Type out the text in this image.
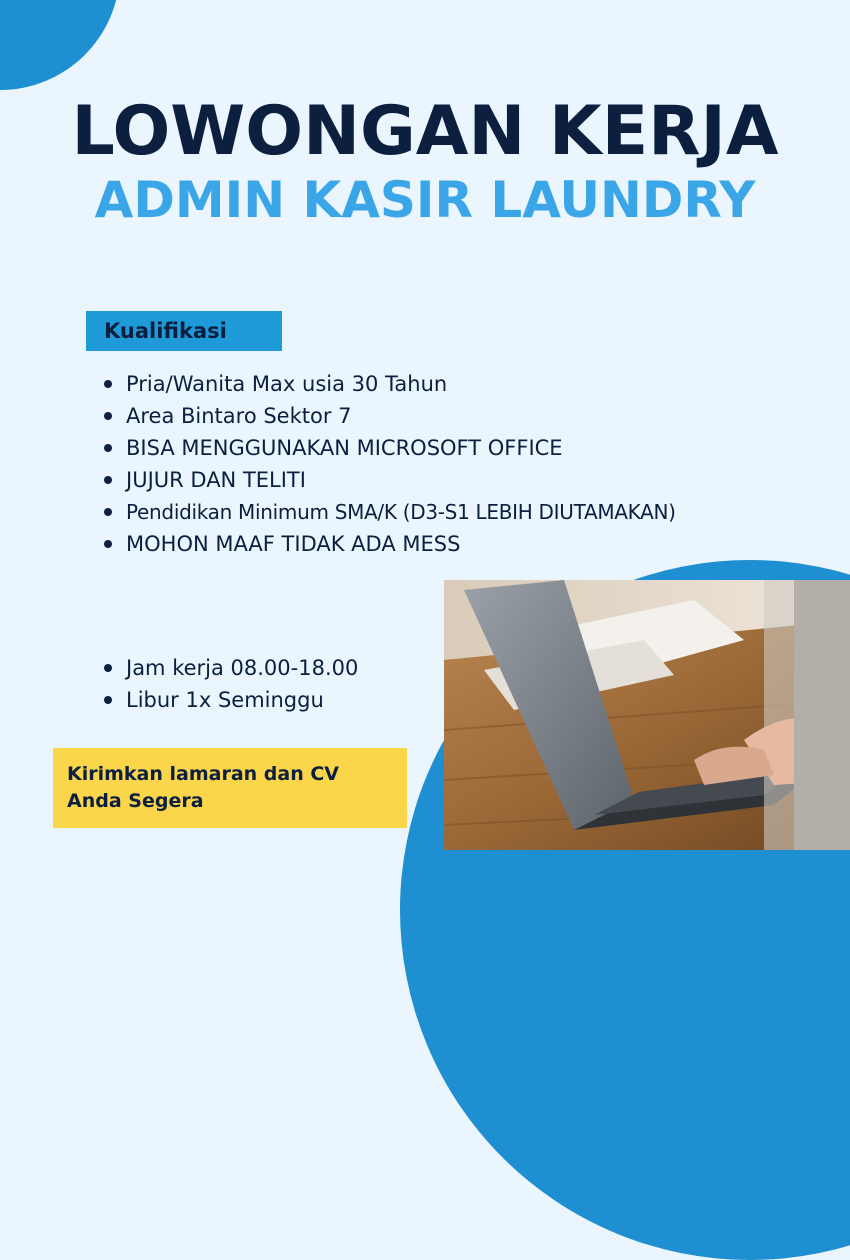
LOWONGAN KERJA
ADMIN KASIR LAUNDRY
Kualifikasi
Pria/Wanita Max usia 30 Tahun
Area Bintaro Sektor 7
BISA MENGGUNAKAN MICROSOFT OFFICE
JUJUR DAN TELITI
Pendidikan Minimum SMA/K (D3-S1 LEBIH DIUTAMAKAN)
MOHON MAAF TIDAK ADA MESS
Jam kerja 08.00-18.00
Libur 1x Seminggu
Kirimkan lamaran dan CV
Anda Segera
